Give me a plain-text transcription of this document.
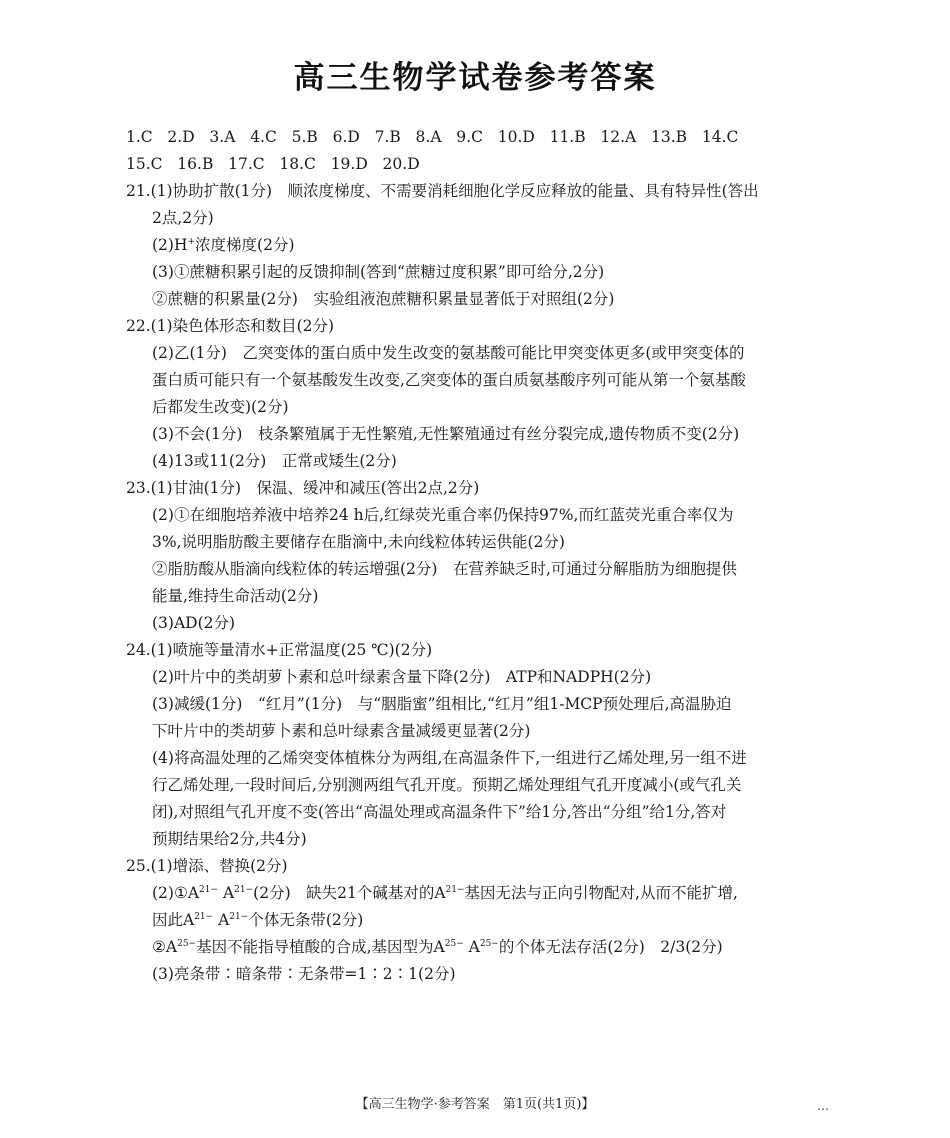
高三生物学试卷参考答案
1.C   2.D   3.A   4.C   5.B   6.D   7.B   8.A   9.C   10.D   11.B   12.A   13.B   14.C
15.C   16.B   17.C   18.C   19.D   20.D
21.(1)协助扩散(1分)　顺浓度梯度、不需要消耗细胞化学反应释放的能量、具有特异性(答出
2点,2分)
(2)H+浓度梯度(2分)
(3)①蔗糖积累引起的反馈抑制(答到“蔗糖过度积累”即可给分,2分)
②蔗糖的积累量(2分)　实验组液泡蔗糖积累量显著低于对照组(2分)
22.(1)染色体形态和数目(2分)
(2)乙(1分)　乙突变体的蛋白质中发生改变的氨基酸可能比甲突变体更多(或甲突变体的
蛋白质可能只有一个氨基酸发生改变,乙突变体的蛋白质氨基酸序列可能从第一个氨基酸
后都发生改变)(2分)
(3)不会(1分)　枝条繁殖属于无性繁殖,无性繁殖通过有丝分裂完成,遗传物质不变(2分)
(4)13或11(2分)　正常或矮生(2分)
23.(1)甘油(1分)　保温、缓冲和减压(答出2点,2分)
(2)①在细胞培养液中培养24 h后,红绿荧光重合率仍保持97%,而红蓝荧光重合率仅为
3%,说明脂肪酸主要储存在脂滴中,未向线粒体转运供能(2分)
②脂肪酸从脂滴向线粒体的转运增强(2分)　在营养缺乏时,可通过分解脂肪为细胞提供
能量,维持生命活动(2分)
(3)AD(2分)
24.(1)喷施等量清水+正常温度(25 ℃)(2分)
(2)叶片中的类胡萝卜素和总叶绿素含量下降(2分)　ATP和NADPH(2分)
(3)减缓(1分)　“红月”(1分)　与“胭脂蜜”组相比,“红月”组1-MCP预处理后,高温胁迫
下叶片中的类胡萝卜素和总叶绿素含量减缓更显著(2分)
(4)将高温处理的乙烯突变体植株分为两组,在高温条件下,一组进行乙烯处理,另一组不进
行乙烯处理,一段时间后,分别测两组气孔开度。预期乙烯处理组气孔开度减小(或气孔关
闭),对照组气孔开度不变(答出“高温处理或高温条件下”给1分,答出“分组”给1分,答对
预期结果给2分,共4分)
25.(1)增添、替换(2分)
$(2)①A^{21-}$ $A^{21-}(2$分)　缺失21个碱基对的$A^{21-}$基因无法与正向引物配对,从而不能扩增,
因此$A^{21-}$ $A^{21-}$个体无条带(2分)
$②A^{25-}$基因不能指导植酸的合成,基因型为$A^{25-}$ $A^{25-}$的个体无法存活(2分)　2/3(2分)
(3)亮条带∶暗条带∶无条带=1∶2∶1(2分)
【高三生物学·参考答案　第1页(共1页)】	…
